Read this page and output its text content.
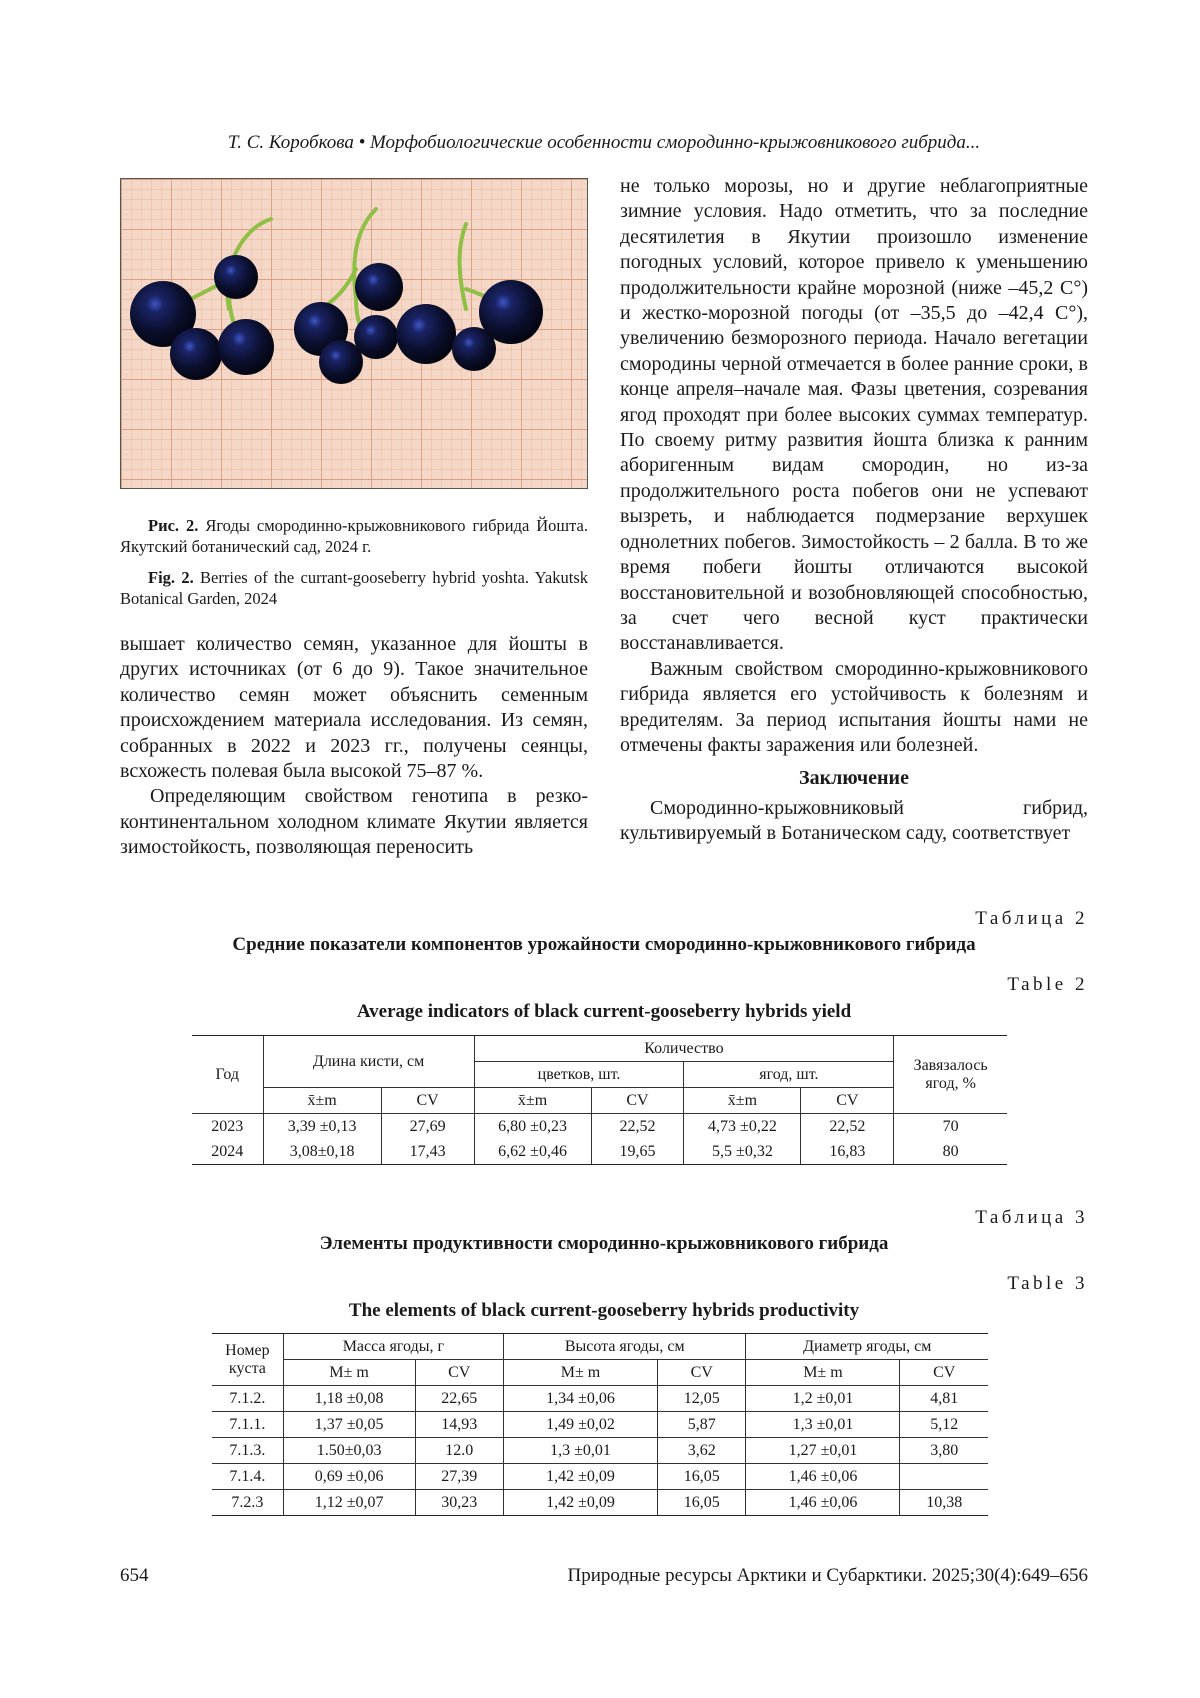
Т. С. Коробкова • Морфобиологические особенности смородинно-крыжовникового гибрида...
Рис. 2. Ягоды смородинно-крыжовникового гибрида Йошта. Якутский ботанический сад, 2024 г.
Fig. 2. Berries of the currant-gooseberry hybrid yoshta. Yakutsk Botanical Garden, 2024

вышает количество семян, указанное для йошты в других источниках (от 6 до 9). Такое значительное количество семян может объяснить семенным происхождением материала исследования. Из семян, собранных в 2022 и 2023 гг., получены сеянцы, всхожесть полевая была высокой 75–87 %.

Определяющим свойством генотипа в резко-континентальном холодном климате Якутии является зимостойкость, позволяющая переносить

не только морозы, но и другие неблагоприятные зимние условия. Надо отметить, что за последние десятилетия в Якутии произошло изменение погодных условий, которое привело к уменьшению продолжительности крайне морозной (ниже –45,2 С°) и жестко-морозной погоды (от –35,5 до –42,4 С°), увеличению безморозного периода. Начало вегетации смородины черной отмечается в более ранние сроки, в конце апреля–начале мая. Фазы цветения, созревания ягод проходят при более высоких суммах температур. По своему ритму развития йошта близка к ранним аборигенным видам смородин, но из-за продолжительного роста побегов они не успевают вызреть, и наблюдается подмерзание верхушек однолетних побегов. Зимостойкость – 2 балла. В то же время побеги йошты отличаются высокой восстановительной и возобновляющей способностью, за счет чего весной куст практически восстанавливается.

Важным свойством смородинно-крыжовникового гибрида является его устойчивость к болезням и вредителям. За период испытания йошты нами не отмечены факты заражения или болезней.

Заключение

Смородинно-крыжовниковый гибрид, культивируемый в Ботаническом саду, соответствует

Таблица 2
Средние показатели компонентов урожайности смородинно-крыжовникового гибрида
Table 2
Average indicators of black current-gooseberry hybrids yield
Год	Длина кисти, см		Количество				Завязалось ягод, %
			цветков, шт.		ягод, шт.		
	x̄±m	CV	x̄±m	CV	x̄±m	CV	
2023	3,39 ±0,13	27,69	6,80 ±0,23	22,52	4,73 ±0,22	22,52	70
2024	3,08±0,18	17,43	6,62 ±0,46	19,65	5,5 ±0,32	16,83	80
Таблица 3
Элементы продуктивности смородинно-крыжовникового гибрида
Table 3
The elements of black current-gooseberry hybrids productivity
Номер куста	Масса ягоды, г		Высота ягоды, см		Диаметр ягоды, см	
	M± m	CV	M± m	CV	M± m	CV
7.1.2.	1,18 ±0,08	22,65	1,34 ±0,06	12,05	1,2 ±0,01	4,81
7.1.1.	1,37 ±0,05	14,93	1,49 ±0,02	5,87	1,3 ±0,01	5,12
7.1.3.	1.50±0,03	12.0	1,3 ±0,01	3,62	1,27 ±0,01	3,80
7.1.4.	0,69 ±0,06	27,39	1,42 ±0,09	16,05	1,46 ±0,06	
7.2.3	1,12 ±0,07	30,23	1,42 ±0,09	16,05	1,46 ±0,06	10,38
654	Природные ресурсы Арктики и Субарктики. 2025;30(4):649–656
